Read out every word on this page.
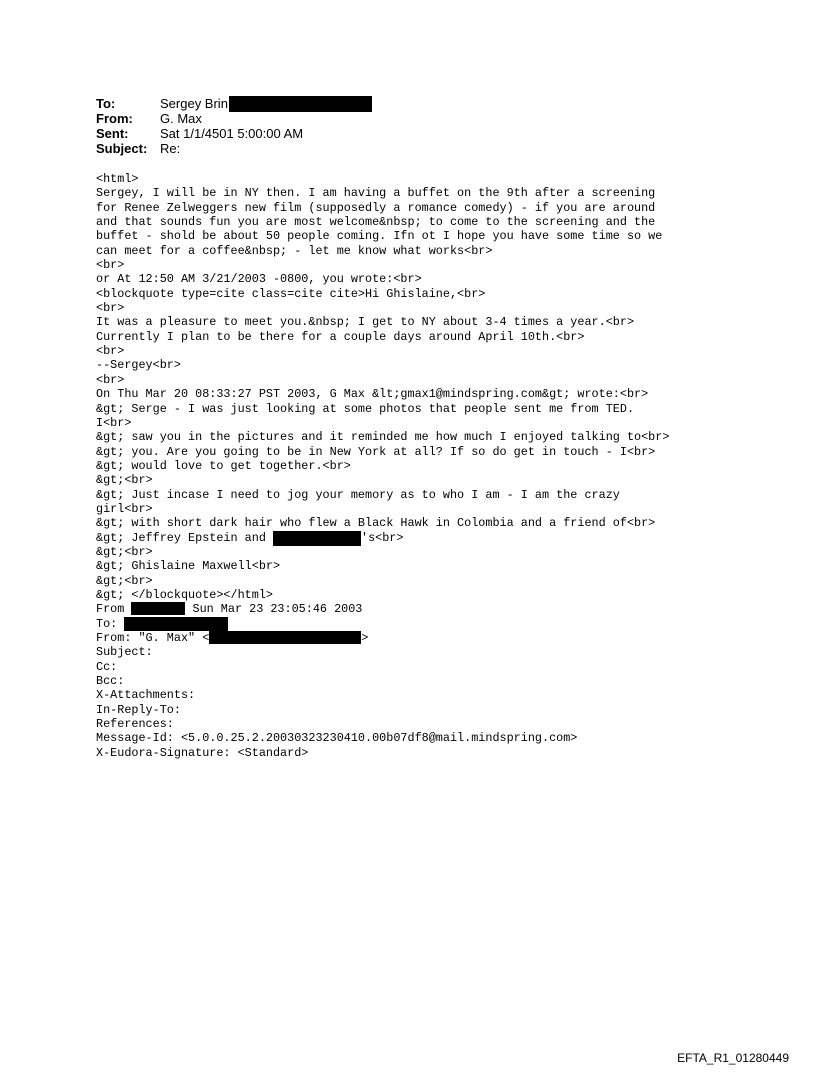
To:	Sergey Brin
From: G. Max
Sent: Sat 1/1/4501 5:00:00 AM
Subject: Re:
<html>
Sergey, I will be in NY then. I am having a buffet on the 9th after a screening
for Renee Zelweggers new film (supposedly a romance comedy) - if you are around
and that sounds fun you are most welcome&nbsp; to come to the screening and the
buffet - shold be about 50 people coming. Ifn ot I hope you have some time so we
can meet for a coffee&nbsp; - let me know what works<br>
<br>
or At 12:50 AM 3/21/2003 -0800, you wrote:<br>
<blockquote type=cite class=cite cite>Hi Ghislaine,<br>
<br>
It was a pleasure to meet you.&nbsp; I get to NY about 3-4 times a year.<br>
Currently I plan to be there for a couple days around April 10th.<br>
<br>
--Sergey<br>
<br>
On Thu Mar 20 08:33:27 PST 2003, G Max &lt;gmax1@mindspring.com&gt; wrote:<br>
&gt; Serge - I was just looking at some photos that people sent me from TED.
I<br>
&gt; saw you in the pictures and it reminded me how much I enjoyed talking to<br>
&gt; you. Are you going to be in New York at all? If so do get in touch - I<br>
&gt; would love to get together.<br>
&gt;<br>
&gt; Just incase I need to jog your memory as to who I am - I am the crazy
girl<br>
&gt; with short dark hair who flew a Black Hawk in Colombia and a friend of<br>
&gt; Jeffrey Epstein and	's<br>
&gt;<br>
&gt; Ghislaine Maxwell<br>
&gt;<br>
&gt; </blockquote></html>
From	Sun Mar 23 23:05:46 2003
To:
From: "G. Max" <	>
Subject:
Cc:
Bcc:
X-Attachments:
In-Reply-To:
References:
Message-Id: <5.0.0.25.2.20030323230410.00b07df8@mail.mindspring.com>
X-Eudora-Signature: <Standard>
EFTA_R1_01280449
